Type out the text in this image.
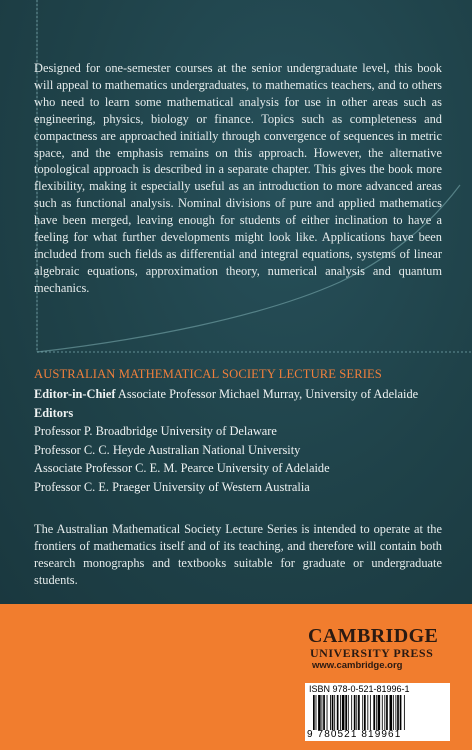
Designed for one-semester courses at the senior undergraduate level, this book will appeal to mathematics undergraduates, to mathematics teachers, and to others who need to learn some mathematical analysis for use in other areas such as engineering, physics, biology or finance. Topics such as completeness and compactness are approached initially through convergence of sequences in metric space, and the emphasis remains on this approach. However, the alternative topological approach is described in a separate chapter. This gives the book more flexibility, making it especially useful as an introduction to more advanced areas such as functional analysis. Nominal divisions of pure and applied mathematics have been merged, leaving enough for students of either inclination to have a feeling for what further developments might look like. Applications have been included from such fields as differential and integral equations, systems of linear algebraic equations, approximation theory, numerical analysis and quantum mechanics.

AUSTRALIAN MATHEMATICAL SOCIETY LECTURE SERIES

Editor-in-Chief Associate Professor Michael Murray, University of Adelaide
Editors
Professor P. Broadbridge University of Delaware
Professor C. C. Heyde Australian National University
Associate Professor C. E. M. Pearce University of Adelaide
Professor C. E. Praeger University of Western Australia

The Australian Mathematical Society Lecture Series is intended to operate at the frontiers of mathematics itself and of its teaching, and therefore will contain both research monographs and textbooks suitable for graduate or undergraduate students.

CAMBRIDGE
UNIVERSITY PRESS
www.cambridge.org
ISBN 978-0-521-81996-1
9 780521 819961
